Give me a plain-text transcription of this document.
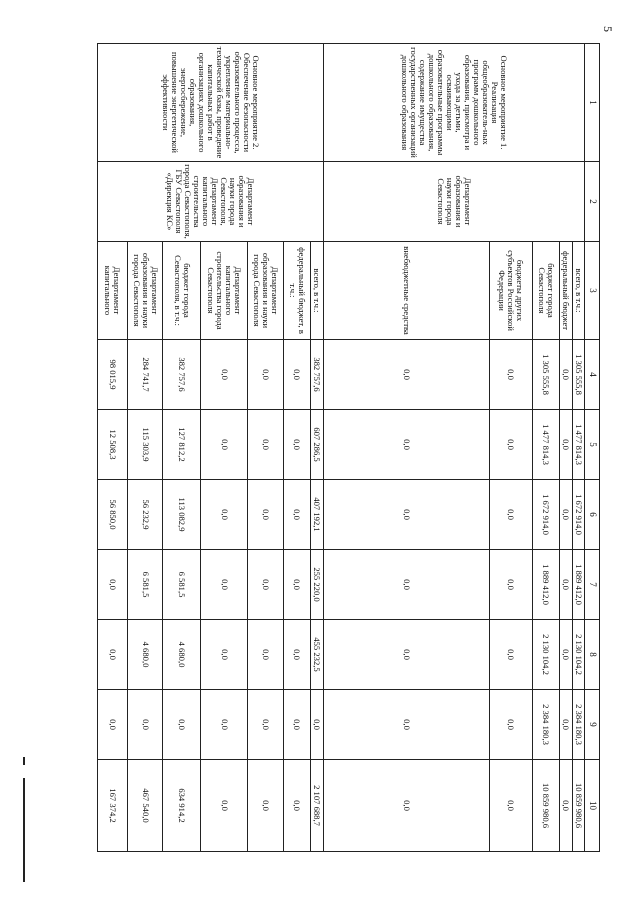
5
1	2	3	4	5	6	7	8	9	10
Основное мероприятие 1. Реализация общеобразователь-ных программ дошкольного образования, присмотра и ухода за детьми, осваивающими образовательные программы дошкольного образования, содержание имущества государственных организаций дошкольного образования	Департамент образования и науки города Севастополя	всего, в т.ч.:	1 305 555,8	1 477 814,3	1 672 914,0	1 889 412,0	2 130 104,2	2 384 180,3	10 859 980,6
		федеральный бюджет	0,0	0,0	0,0	0,0	0,0	0,0	0,0
		бюджет города Севастополя	1 305 555,8	1 477 814,3	1 672 914,0	1 889 412,0	2 130 104,2	2 384 180,3	10 859 980,6
		бюджеты других субъектов Российской Федерации	0,0	0,0	0,0	0,0	0,0	0,0	0,0
		внебюджетные средства	0,0	0,0	0,0	0,0	0,0	0,0	0,0
Основное мероприятие 2. Обеспечение безопасности образовательного процесса, укрепление материально-технической базы, проведение капитальных работ в организациях дошкольного образования, энергосбережение, повышение энергетической эффективности	Департамент образования и науки города Севастополя, Департамент капитального строительства города Севастополя, ГБУ Севастополя «Дирекция КС»	всего, в т.ч.:	382 757,6	607 286,5	407 192,1	255 220,0	455 232,5	0,0	2 107 688,7
		федеральный бюджет, в т.ч.:	0,0	0,0	0,0	0,0	0,0	0,0	0,0
		Департамент образования и науки города Севастополя	0,0	0,0	0,0	0,0	0,0	0,0	0,0
		Департамент капитального строительства города Севастополя	0,0	0,0	0,0	0,0	0,0	0,0	0,0
		бюджет города Севастополя, в т.ч.:	382 757,6	127 812,2	113 082,9	6 581,5	4 680,0	0,0	634 914,2
		Департамент образования и науки города Севастополя	284 741,7	115 303,9	56 232,9	6 581,5	4 680,0	0,0	467 540,0
		Департамент капитального	98 015,9	12 508,3	56 850,0	0,0	0,0	0,0	167 374,2
